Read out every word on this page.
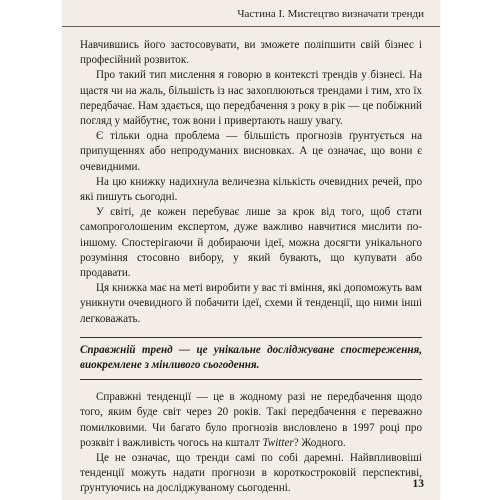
Частина I. Мистецтво визначати тренди

Навчившись його застосовувати, ви зможете поліпшити свій бізнес і професійний розвиток.

Про такий тип мислення я говорю в контексті трендів у бізнесі. На щастя чи на жаль, більшість із нас захоплюються трендами і тим, хто їх передбачає. Нам здається, що передбачення з року в рік — це побіжний погляд у майбутнє, тож вони і привертають нашу увагу.

Є тільки одна проблема — більшість прогнозів ґрунтується на припущеннях або непродуманих висновках. А це означає, що вони є очевидними.

На цю книжку надихнула величезна кількість очевидних речей, про які пишуть сьогодні.

У світі, де кожен перебуває лише за крок від того, щоб стати самопроголошеним експертом, дуже важливо навчитися мислити по-іншому. Спостерігаючи й добираючи ідеї, можна досягти унікального розуміння стосовно вибору, у який бувають, що купувати або продавати.

Ця книжка має на меті виробити у вас ті вміння, які допоможуть вам уникнути очевидного й побачити ідеї, схеми й тенденції, що ними інші легковажать.

Справжній тренд — це унікальне досліджуване спостереження, виокремлене з мінливого сьогодення.

Справжні тенденції — це в жодному разі не передбачення щодо того, яким буде світ через 20 років. Такі передбачення є переважно помилковими. Чи багато було прогнозів висловлено в 1997 році про розквіт і важливість чогось на кшталт Twitter? Жодного.

Це не означає, що тренди самі по собі даремні. Найвпливовіші тенденції можуть надати прогнози в короткостроковій перспективі, ґрунтуючись на досліджуваному сьогоденні.	13
